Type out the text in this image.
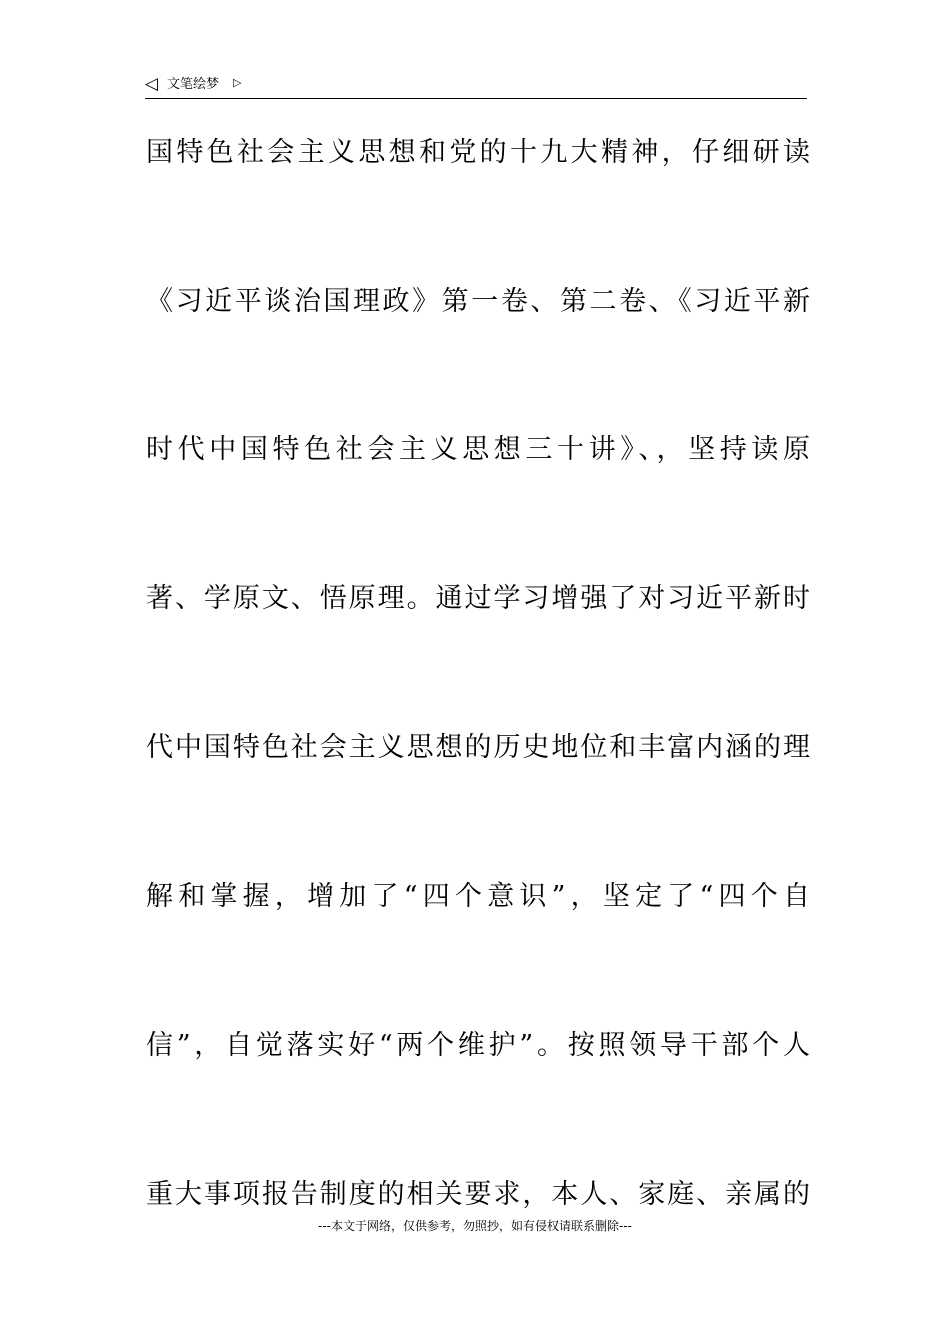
◁ 文笔绘梦 ▷
国特色社会主义思想和党的十九大精神，仔细研读
《习近平谈治国理政》第一卷、第二卷、《习近平新
时代中国特色社会主义思想三十讲》、，坚持读原
著、学原文、悟原理。通过学习增强了对习近平新时
代中国特色社会主义思想的历史地位和丰富内涵的理
解和掌握，增加了“四个意识”，坚定了“四个自
信”，自觉落实好“两个维护”。按照领导干部个人
重大事项报告制度的相关要求，本人、家庭、亲属的
---本文于网络，仅供参考，勿照抄，如有侵权请联系删除---
